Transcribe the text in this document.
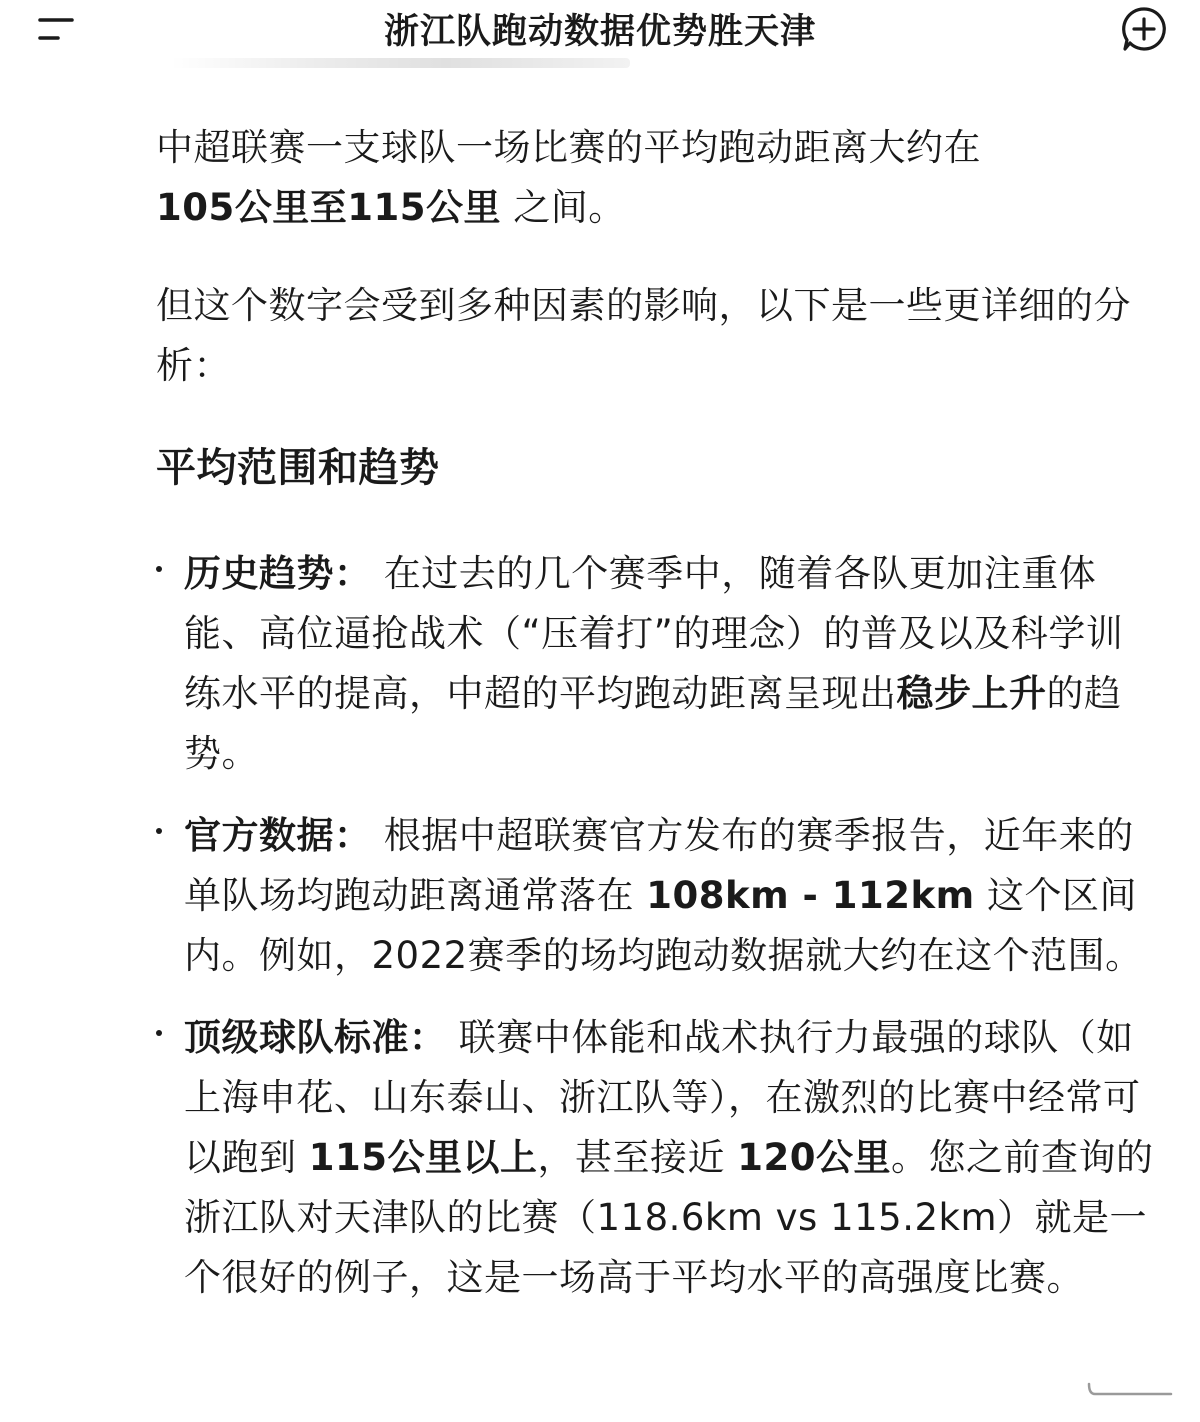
浙江队跑动数据优势胜天津

中超联赛一支球队一场比赛的平均跑动距离大约在
105公里至115公里 之间。

但这个数字会受到多种因素的影响，以下是一些更详细的分析：

平均范围和趋势
历史趋势： 在过去的几个赛季中，随着各队更加注重体能、高位逼抢战术（“压着打”的理念）的普及以及科学训练水平的提高，中超的平均跑动距离呈现出稳步上升的趋势。
官方数据： 根据中超联赛官方发布的赛季报告，近年来的单队场均跑动距离通常落在 108km - 112km 这个区间内。例如，2022赛季的场均跑动数据就大约在这个范围。
顶级球队标准： 联赛中体能和战术执行力最强的球队（如上海申花、山东泰山、浙江队等），在激烈的比赛中经常可以跑到 115公里以上，甚至接近 120公里。您之前查询的浙江队对天津队的比赛（118.6km vs 115.2km）就是一个很好的例子，这是一场高于平均水平的高强度比赛。
